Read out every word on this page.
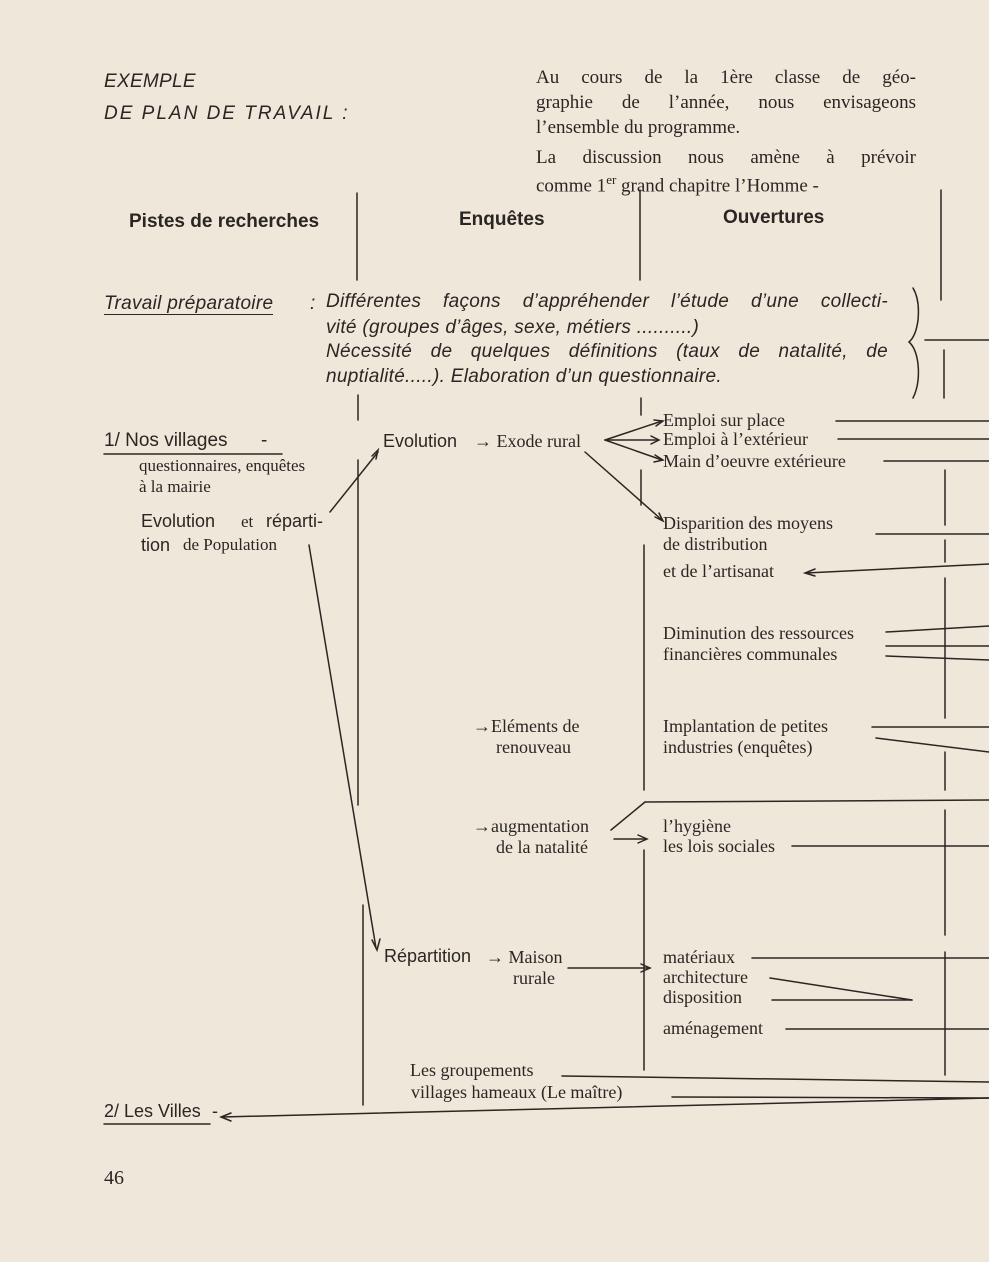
EXEMPLE
DE PLAN DE TRAVAIL :
Au cours de la 1ère classe de géo-
graphie de l’année, nous envisageons
l’ensemble du programme.
La discussion nous amène à prévoir
comme 1er grand chapitre l’Homme -
Pistes de recherches	Enquêtes	Ouvertures
Travail préparatoire : Différentes façons d’appréhender l’étude d’une collecti-
vité (groupes d’âges, sexe, métiers ..........)
Nécessité de quelques définitions (taux de natalité, de
nuptialité.....). Elaboration d’un questionnaire.
1/ Nos villages -
questionnaires, enquêtes
à la mairie
Evolution et réparti-
tion de Population
Evolution → Exode rural
→Eléments de
renouveau
→augmentation
de la natalité
Répartition → Maison
rurale
Les groupements
villages hameaux (Le maître)
Emploi sur place
Emploi à l’extérieur
Main d’oeuvre extérieure
Disparition des moyens
de distribution
et de l’artisanat
Diminution des ressources
financières communales
Implantation de petites
industries (enquêtes)
l’hygiène
les lois sociales
matériaux
architecture
disposition
aménagement
2/ Les Villes -
46
